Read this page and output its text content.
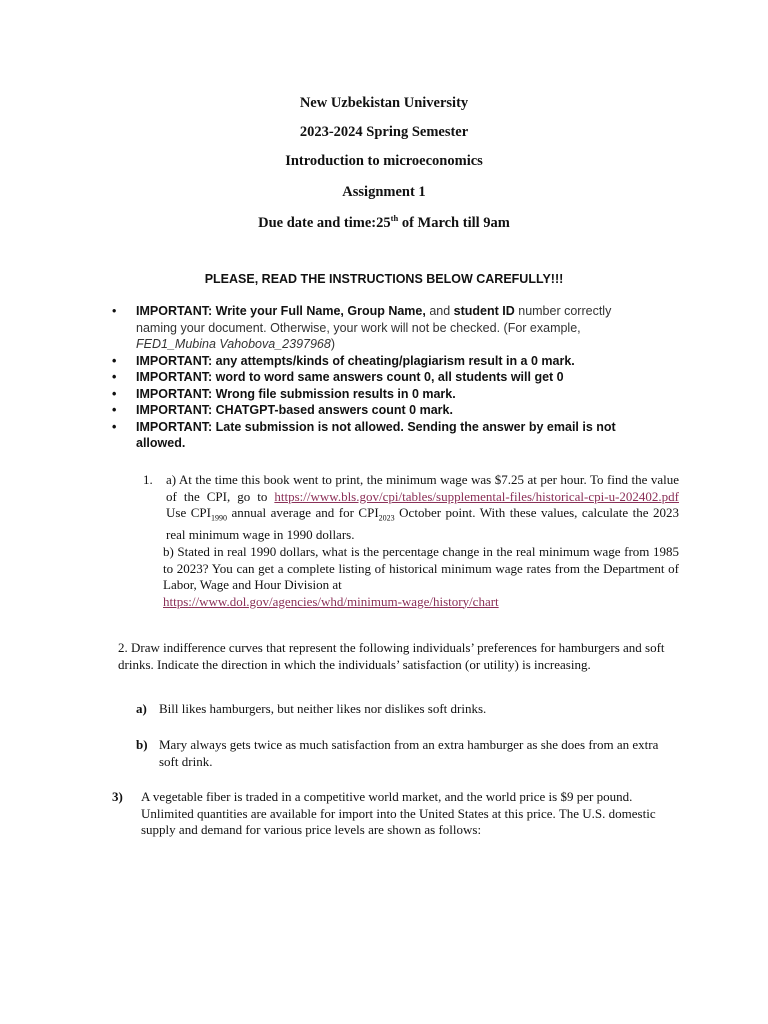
New Uzbekistan University
2023-2024 Spring Semester
Introduction to microeconomics
Assignment 1
Due date and time:25th of March till 9am
PLEASE, READ THE INSTRUCTIONS BELOW CAREFULLY!!!
• IMPORTANT: Write your Full Name, Group Name, and student ID number correctly naming your document. Otherwise, your work will not be checked. (For example, FED1_Mubina Vahobova_2397968)
• IMPORTANT: any attempts/kinds of cheating/plagiarism result in a 0 mark.
• IMPORTANT: word to word same answers count 0, all students will get 0
• IMPORTANT: Wrong file submission results in 0 mark.
• IMPORTANT: CHATGPT-based answers count 0 mark.
• IMPORTANT: Late submission is not allowed. Sending the answer by email is not allowed.
1. a) At the time this book went to print, the minimum wage was $7.25 at per hour. To find the value of the CPI, go to https://www.bls.gov/cpi/tables/supplemental-files/historical-cpi-u-202402.pdf Use $CPI_{1990}$ annual average and for $CPI_{2023}$ October point. With these values, calculate the 2023 real minimum wage in 1990 dollars.
b) Stated in real 1990 dollars, what is the percentage change in the real minimum wage from 1985 to 2023? You can get a complete listing of historical minimum wage rates from the Department of Labor, Wage and Hour Division at
https://www.dol.gov/agencies/whd/minimum-wage/history/chart
2. Draw indifference curves that represent the following individuals’ preferences for hamburgers and soft drinks. Indicate the direction in which the individuals’ satisfaction (or utility) is increasing.
a) Bill likes hamburgers, but neither likes nor dislikes soft drinks.
b) Mary always gets twice as much satisfaction from an extra hamburger as she does from an extra soft drink.
3) A vegetable fiber is traded in a competitive world market, and the world price is $9 per pound. Unlimited quantities are available for import into the United States at this price. The U.S. domestic supply and demand for various price levels are shown as follows:
